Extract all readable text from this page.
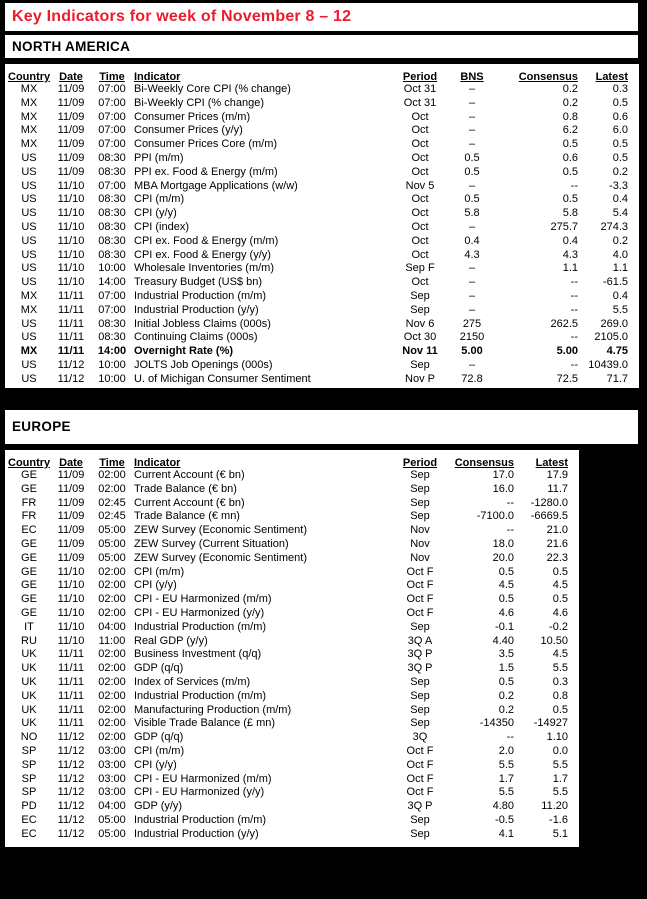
Key Indicators for week of November 8 – 12
NORTH AMERICA
Country	Date	Time	Indicator	Period	BNS	Consensus	Latest
MX	11/09	07:00	Bi-Weekly Core CPI (% change)	Oct 31	–	0.2	0.3
MX	11/09	07:00	Bi-Weekly CPI (% change)	Oct 31	–	0.2	0.5
MX	11/09	07:00	Consumer Prices (m/m)	Oct	–	0.8	0.6
MX	11/09	07:00	Consumer Prices (y/y)	Oct	–	6.2	6.0
MX	11/09	07:00	Consumer Prices Core (m/m)	Oct	–	0.5	0.5
US	11/09	08:30	PPI (m/m)	Oct	0.5	0.6	0.5
US	11/09	08:30	PPI ex. Food & Energy (m/m)	Oct	0.5	0.5	0.2
US	11/10	07:00	MBA Mortgage Applications (w/w)	Nov 5	–	--	-3.3
US	11/10	08:30	CPI (m/m)	Oct	0.5	0.5	0.4
US	11/10	08:30	CPI (y/y)	Oct	5.8	5.8	5.4
US	11/10	08:30	CPI (index)	Oct	–	275.7	274.3
US	11/10	08:30	CPI ex. Food & Energy (m/m)	Oct	0.4	0.4	0.2
US	11/10	08:30	CPI ex. Food & Energy (y/y)	Oct	4.3	4.3	4.0
US	11/10	10:00	Wholesale Inventories (m/m)	Sep F	–	1.1	1.1
US	11/10	14:00	Treasury Budget (US$ bn)	Oct	–	--	-61.5
MX	11/11	07:00	Industrial Production (m/m)	Sep	–	--	0.4
MX	11/11	07:00	Industrial Production (y/y)	Sep	–	--	5.5
US	11/11	08:30	Initial Jobless Claims (000s)	Nov 6	275	262.5	269.0
US	11/11	08:30	Continuing Claims (000s)	Oct 30	2150	--	2105.0
MX	11/11	14:00	Overnight Rate (%)	Nov 11	5.00	5.00	4.75
US	11/12	10:00	JOLTS Job Openings (000s)	Sep	–	--	10439.0
US	11/12	10:00	U. of Michigan Consumer Sentiment	Nov P	72.8	72.5	71.7
EUROPE
Country	Date	Time	Indicator	Period	Consensus	Latest
GE	11/09	02:00	Current Account (€ bn)	Sep	17.0	17.9
GE	11/09	02:00	Trade Balance (€ bn)	Sep	16.0	11.7
FR	11/09	02:45	Current Account (€ bn)	Sep	--	-1280.0
FR	11/09	02:45	Trade Balance (€ mn)	Sep	-7100.0	-6669.5
EC	11/09	05:00	ZEW Survey (Economic Sentiment)	Nov	--	21.0
GE	11/09	05:00	ZEW Survey (Current Situation)	Nov	18.0	21.6
GE	11/09	05:00	ZEW Survey (Economic Sentiment)	Nov	20.0	22.3
GE	11/10	02:00	CPI (m/m)	Oct F	0.5	0.5
GE	11/10	02:00	CPI (y/y)	Oct F	4.5	4.5
GE	11/10	02:00	CPI - EU Harmonized (m/m)	Oct F	0.5	0.5
GE	11/10	02:00	CPI - EU Harmonized (y/y)	Oct F	4.6	4.6
IT	11/10	04:00	Industrial Production (m/m)	Sep	-0.1	-0.2
RU	11/10	11:00	Real GDP (y/y)	3Q A	4.40	10.50
UK	11/11	02:00	Business Investment (q/q)	3Q P	3.5	4.5
UK	11/11	02:00	GDP (q/q)	3Q P	1.5	5.5
UK	11/11	02:00	Index of Services (m/m)	Sep	0.5	0.3
UK	11/11	02:00	Industrial Production (m/m)	Sep	0.2	0.8
UK	11/11	02:00	Manufacturing Production (m/m)	Sep	0.2	0.5
UK	11/11	02:00	Visible Trade Balance (£ mn)	Sep	-14350	-14927
NO	11/12	02:00	GDP (q/q)	3Q	--	1.10
SP	11/12	03:00	CPI (m/m)	Oct F	2.0	0.0
SP	11/12	03:00	CPI (y/y)	Oct F	5.5	5.5
SP	11/12	03:00	CPI - EU Harmonized (m/m)	Oct F	1.7	1.7
SP	11/12	03:00	CPI - EU Harmonized (y/y)	Oct F	5.5	5.5
PD	11/12	04:00	GDP (y/y)	3Q P	4.80	11.20
EC	11/12	05:00	Industrial Production (m/m)	Sep	-0.5	-1.6
EC	11/12	05:00	Industrial Production (y/y)	Sep	4.1	5.1
